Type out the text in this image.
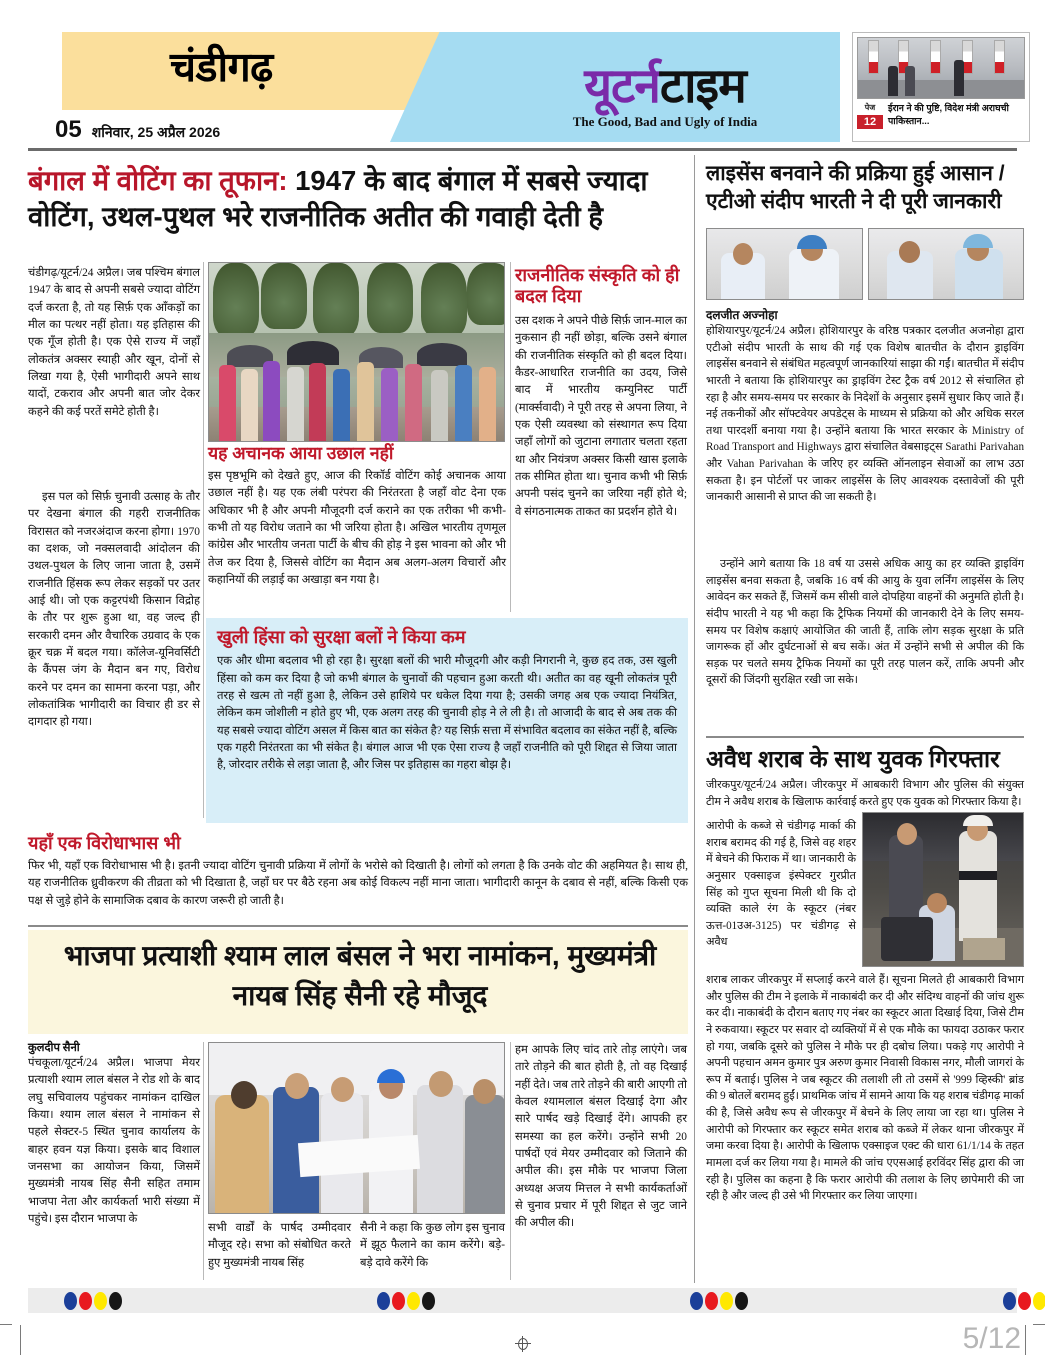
चंडीगढ़	यूटर्नटाइम
The Good, Bad and Ugly of India
05 शनिवार, 25 अप्रैल 2026
पेज
12
ईरान ने की पुष्टि, विदेश मंत्री अराघची पाकिस्तान...
बंगाल में वोटिंग का तूफान: 1947 के बाद बंगाल में सबसे ज्यादा वोटिंग, उथल-पुथल भरे राजनीतिक अतीत की गवाही देती है
चंडीगढ़/यूटर्न/24 अप्रैल। जब पश्चिम बंगाल 1947 के बाद से अपनी सबसे ज्यादा वोटिंग दर्ज करता है, तो यह सिर्फ़ एक आँकड़ों का मील का पत्थर नहीं होता। यह इतिहास की एक गूँज होती है। एक ऐसे राज्य में जहाँ लोकतंत्र अक्सर स्याही और खून, दोनों से लिखा गया है, ऐसी भागीदारी अपने साथ यादों, टकराव और अपनी बात जोर देकर कहने की कई परतें समेटे होती है।
इस पल को सिर्फ़ चुनावी उत्साह के तौर पर देखना बंगाल की गहरी राजनीतिक विरासत को नजरअंदाज करना होगा। 1970 का दशक, जो नक्सलवादी आंदोलन की उथल-पुथल के लिए जाना जाता है, उसमें राजनीति हिंसक रूप लेकर सड़कों पर उतर आई थी। जो एक कट्टरपंथी किसान विद्रोह के तौर पर शुरू हुआ था, वह जल्द ही सरकारी दमन और वैचारिक उग्रवाद के एक क्रूर चक्र में बदल गया। कॉलेज-यूनिवर्सिटी के कैंपस जंग के मैदान बन गए, विरोध करने पर दमन का सामना करना पड़ा, और लोकतांत्रिक भागीदारी का विचार ही डर से दागदार हो गया।
यह अचानक आया उछाल नहीं
इस पृष्ठभूमि को देखते हुए, आज की रिकॉर्ड वोटिंग कोई अचानक आया उछाल नहीं है। यह एक लंबी परंपरा की निरंतरता है जहाँ वोट देना एक अधिकार भी है और अपनी मौजूदगी दर्ज कराने का एक तरीका भी कभी-कभी तो यह विरोध जताने का भी जरिया होता है। अखिल भारतीय तृणमूल कांग्रेस और भारतीय जनता पार्टी के बीच की होड़ ने इस भावना को और भी तेज कर दिया है, जिससे वोटिंग का मैदान अब अलग-अलग विचारों और कहानियों की लड़ाई का अखाड़ा बन गया है।
राजनीतिक संस्कृति को ही बदल दिया
उस दशक ने अपने पीछे सिर्फ़ जान-माल का नुकसान ही नहीं छोड़ा, बल्कि उसने बंगाल की राजनीतिक संस्कृति को ही बदल दिया। कैडर-आधारित राजनीति का उदय, जिसे बाद में भारतीय कम्युनिस्ट पार्टी (मार्क्सवादी) ने पूरी तरह से अपना लिया, ने एक ऐसी व्यवस्था को संस्थागत रूप दिया जहाँ लोगों को जुटाना लगातार चलता रहता था और नियंत्रण अक्सर किसी खास इलाके तक सीमित होता था। चुनाव कभी भी सिर्फ़ अपनी पसंद चुनने का जरिया नहीं होते थे; वे संगठनात्मक ताकत का प्रदर्शन होते थे।
खुली हिंसा को सुरक्षा बलों ने किया कम
एक और धीमा बदलाव भी हो रहा है। सुरक्षा बलों की भारी मौजूदगी और कड़ी निगरानी ने, कुछ हद तक, उस खुली हिंसा को कम कर दिया है जो कभी बंगाल के चुनावों की पहचान हुआ करती थी। अतीत का वह खूनी लोकतंत्र पूरी तरह से खत्म तो नहीं हुआ है, लेकिन उसे हाशिये पर धकेल दिया गया है; उसकी जगह अब एक ज्यादा नियंत्रित, लेकिन कम जोशीली न होते हुए भी, एक अलग तरह की चुनावी होड़ ने ले ली है। तो आजादी के बाद से अब तक की यह सबसे ज्यादा वोटिंग असल में किस बात का संकेत है? यह सिर्फ़ सत्ता में संभावित बदलाव का संकेत नहीं है, बल्कि एक गहरी निरंतरता का भी संकेत है। बंगाल आज भी एक ऐसा राज्य है जहाँ राजनीति को पूरी शिद्दत से जिया जाता है, जोरदार तरीके से लड़ा जाता है, और जिस पर इतिहास का गहरा बोझ है।
यहाँ एक विरोधाभास भी
फिर भी, यहाँ एक विरोधाभास भी है। इतनी ज्यादा वोटिंग चुनावी प्रक्रिया में लोगों के भरोसे को दिखाती है। लोगों को लगता है कि उनके वोट की अहमियत है। साथ ही, यह राजनीतिक ध्रुवीकरण की तीव्रता को भी दिखाता है, जहाँ घर पर बैठे रहना अब कोई विकल्प नहीं माना जाता। भागीदारी कानून के दबाव से नहीं, बल्कि किसी एक पक्ष से जुड़े होने के सामाजिक दबाव के कारण जरूरी हो जाती है।
भाजपा प्रत्याशी श्याम लाल बंसल ने भरा नामांकन, मुख्यमंत्री नायब सिंह सैनी रहे मौजूद
कुलदीप सैनी
पंचकूला/यूटर्न/24 अप्रैल। भाजपा मेयर प्रत्याशी श्याम लाल बंसल ने रोड शो के बाद लघु सचिवालय पहुंचकर नामांकन दाखिल किया। श्याम लाल बंसल ने नामांकन से पहले सेक्टर-5 स्थित चुनाव कार्यालय के बाहर हवन यज्ञ किया। इसके बाद विशाल जनसभा का आयोजन किया, जिसमें मुख्यमंत्री नायब सिंह सैनी सहित तमाम भाजपा नेता और कार्यकर्ता भारी संख्या में पहुंचे। इस दौरान भाजपा के
सभी वार्डों के पार्षद उम्मीदवार मौजूद रहे। सभा को संबोधित करते हुए मुख्यमंत्री नायब सिंह
सैनी ने कहा कि कुछ लोग इस चुनाव में झूठ फैलाने का काम करेंगे। बड़े-बड़े दावे करेंगे कि
हम आपके लिए चांद तारे तोड़ लाएंगे। जब तारे तोड़ने की बात होती है, तो वह दिखाई नहीं देते। जब तारे तोड़ने की बारी आएगी तो केवल श्यामलाल बंसल दिखाई देगा और सारे पार्षद खड़े दिखाई देंगे। आपकी हर समस्या का हल करेंगे। उन्होंने सभी 20 पार्षदों एवं मेयर उम्मीदवार को जिताने की अपील की। इस मौके पर भाजपा जिला अध्यक्ष अजय मित्तल ने सभी कार्यकर्ताओं से चुनाव प्रचार में पूरी शिद्दत से जुट जाने की अपील की।
लाइसेंस बनवाने की प्रक्रिया हुई आसान /एटीओ संदीप भारती ने दी पूरी जानकारी
दलजीत अज्नोहा
होशियारपुर/यूटर्न/24 अप्रैल। होशियारपुर के वरिष्ठ पत्रकार दलजीत अजनोहा द्वारा एटीओ संदीप भारती के साथ की गई एक विशेष बातचीत के दौरान ड्राइविंग लाइसेंस बनवाने से संबंधित महत्वपूर्ण जानकारियां साझा की गईं। बातचीत में संदीप भारती ने बताया कि होशियारपुर का ड्राइविंग टेस्ट ट्रैक वर्ष 2012 से संचालित हो रहा है और समय-समय पर सरकार के निदेशों के अनुसार इसमें सुधार किए जाते हैं। नई तकनीकों और सॉफ्टवेयर अपडेट्स के माध्यम से प्रक्रिया को और अधिक सरल तथा पारदर्शी बनाया गया है। उन्होंने बताया कि भारत सरकार के Ministry of Road Transport and Highways द्वारा संचालित वेबसाइट्स Sarathi Parivahan और Vahan Parivahan के जरिए हर व्यक्ति ऑनलाइन सेवाओं का लाभ उठा सकता है। इन पोर्टलों पर जाकर लाइसेंस के लिए आवश्यक दस्तावेजों की पूरी जानकारी आसानी से प्राप्त की जा सकती है।
उन्होंने आगे बताया कि 18 वर्ष या उससे अधिक आयु का हर व्यक्ति ड्राइविंग लाइसेंस बनवा सकता है, जबकि 16 वर्ष की आयु के युवा लर्निंग लाइसेंस के लिए आवेदन कर सकते हैं, जिसमें कम सीसी वाले दोपहिया वाहनों की अनुमति होती है। संदीप भारती ने यह भी कहा कि ट्रैफिक नियमों की जानकारी देने के लिए समय-समय पर विशेष कक्षाएं आयोजित की जाती हैं, ताकि लोग सड़क सुरक्षा के प्रति जागरूक हों और दुर्घटनाओं से बच सकें। अंत में उन्होंने सभी से अपील की कि सड़क पर चलते समय ट्रैफिक नियमों का पूरी तरह पालन करें, ताकि अपनी और दूसरों की जिंदगी सुरक्षित रखी जा सके।
अवैध शराब के साथ युवक गिरफ्तार
जीरकपुर/यूटर्न/24 अप्रैल। जीरकपुर में आबकारी विभाग और पुलिस की संयुक्त टीम ने अवैध शराब के खिलाफ कार्रवाई करते हुए एक युवक को गिरफ्तार किया है।
आरोपी के कब्जे से चंडीगढ़ मार्का की शराब बरामद की गई है, जिसे वह शहर में बेचने की फिराक में था। जानकारी के अनुसार एक्साइज इंस्पेक्टर गुरप्रीत सिंह को गुप्त सूचना मिली थी कि दो व्यक्ति काले रंग के स्कूटर (नंबर ऊत्त-01उअ-3125) पर चंडीगढ़ से अवैध
शराब लाकर जीरकपुर में सप्लाई करने वाले हैं। सूचना मिलते ही आबकारी विभाग और पुलिस की टीम ने इलाके में नाकाबंदी कर दी और संदिग्ध वाहनों की जांच शुरू कर दी। नाकाबंदी के दौरान बताए गए नंबर का स्कूटर आता दिखाई दिया, जिसे टीम ने रुकवाया। स्कूटर पर सवार दो व्यक्तियों में से एक मौके का फायदा उठाकर फरार हो गया, जबकि दूसरे को पुलिस ने मौके पर ही दबोच लिया। पकड़े गए आरोपी ने अपनी पहचान अमन कुमार पुत्र अरुण कुमार निवासी विकास नगर, मौली जागरां के रूप में बताई। पुलिस ने जब स्कूटर की तलाशी ली तो उसमें से '999 व्हिस्की' ब्रांड की 9 बोतलें बरामद हुईं। प्राथमिक जांच में सामने आया कि यह शराब चंडीगढ़ मार्का की है, जिसे अवैध रूप से जीरकपुर में बेचने के लिए लाया जा रहा था। पुलिस ने आरोपी को गिरफ्तार कर स्कूटर समेत शराब को कब्जे में लेकर थाना जीरकपुर में जमा करवा दिया है। आरोपी के खिलाफ एक्साइज एक्ट की धारा 61/1/14 के तहत मामला दर्ज कर लिया गया है। मामले की जांच एएसआई हरविंदर सिंह द्वारा की जा रही है। पुलिस का कहना है कि फरार आरोपी की तलाश के लिए छापेमारी की जा रही है और जल्द ही उसे भी गिरफ्तार कर लिया जाएगा।
5/12
